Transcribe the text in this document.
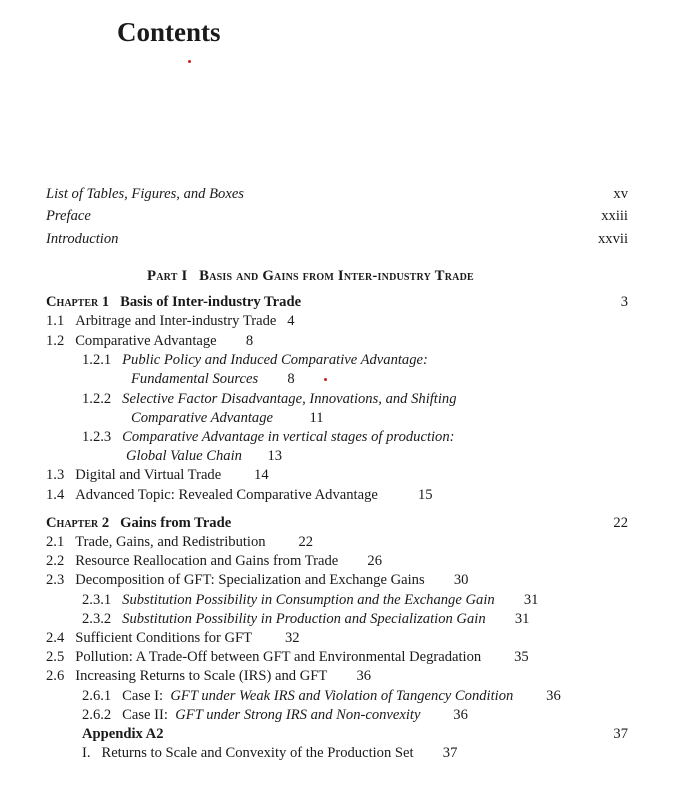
Contents
List of Tables, Figures, and Boxes	xv
Preface	xxiii
Introduction	xxvii
Part I Basis and Gains from Inter-industry Trade
Chapter 1 Basis of Inter-industry Trade	3
1.1 Arbitrage and Inter-industry Trade 4
1.2 Comparative Advantage 8
1.2.1 Public Policy and Induced Comparative Advantage:
Fundamental Sources 8
1.2.2 Selective Factor Disadvantage, Innovations, and Shifting
Comparative Advantage 11
1.2.3 Comparative Advantage in vertical stages of production:
Global Value Chain 13
1.3 Digital and Virtual Trade 14
1.4 Advanced Topic: Revealed Comparative Advantage	15
Chapter 2 Gains from Trade	22
2.1 Trade, Gains, and Redistribution 22
2.2 Resource Reallocation and Gains from Trade 26
2.3 Decomposition of GFT: Specialization and Exchange Gains 30
2.3.1 Substitution Possibility in Consumption and the Exchange Gain 31
2.3.2 Substitution Possibility in Production and Specialization Gain 31
2.4 Sufficient Conditions for GFT 32
2.5 Pollution: A Trade-Off between GFT and Environmental Degradation 35
2.6 Increasing Returns to Scale (IRS) and GFT 36
2.6.1 Case I: GFT under Weak IRS and Violation of Tangency Condition 36
2.6.2 Case II: GFT under Strong IRS and Non-convexity 36
Appendix A2	37
I. Returns to Scale and Convexity of the Production Set 37
